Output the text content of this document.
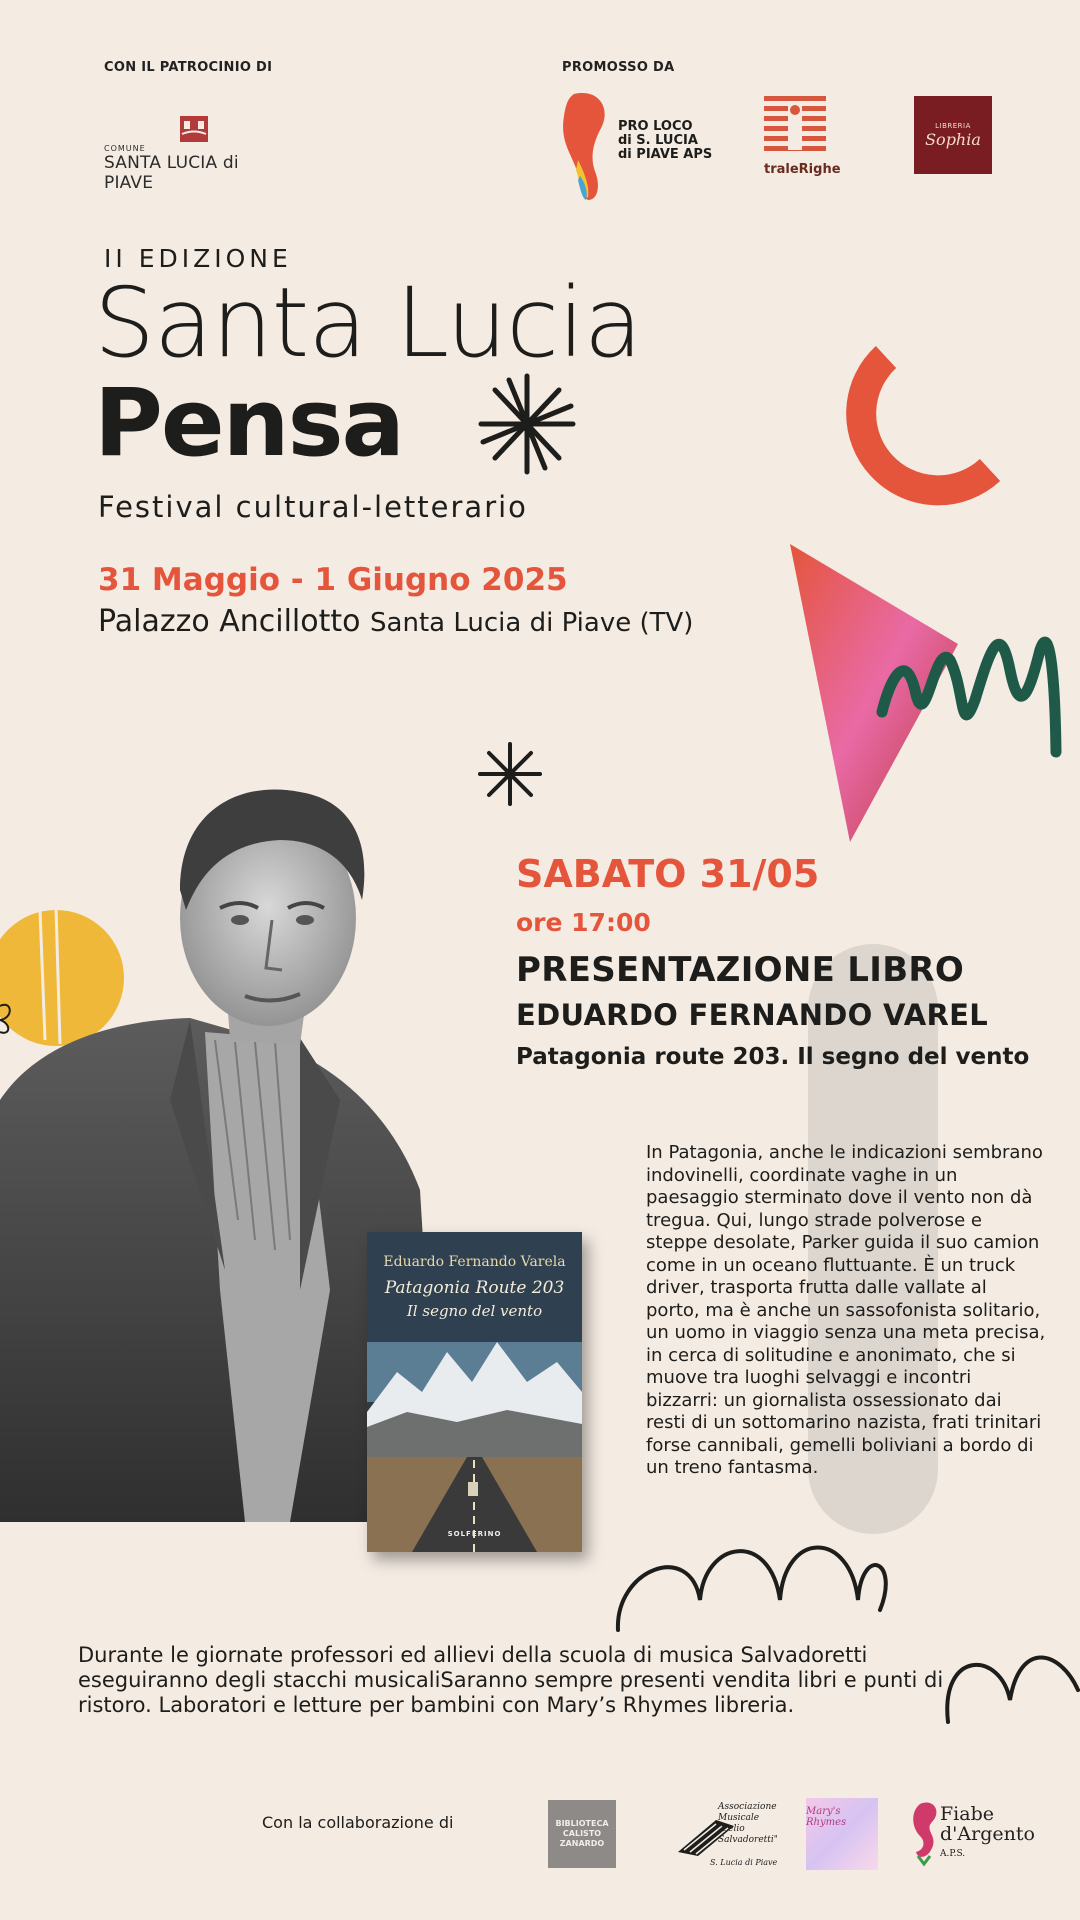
CON IL PATROCINIO DI	PROMOSSO DA
COMUNE
SANTA LUCIA di PIAVE
PRO LOCO
di S. LUCIA
di PIAVE APS
traleRighe
LIBRERIA
Sophia
II EDIZIONE
Santa Lucia
Pensa
Festival cultural-letterario
31 Maggio - 1 Giugno 2025
Palazzo Ancillotto Santa Lucia di Piave (TV)
Eduardo Fernando Varela
Patagonia Route 203
Il segno del vento
SOLFERINO
SABATO 31/05
ore 17:00
PRESENTAZIONE LIBRO
EDUARDO FERNANDO VAREL
Patagonia route 203. Il segno del vento
In Patagonia, anche le indicazioni sembrano indovinelli, coordinate vaghe in un paesaggio sterminato dove il vento non dà tregua. Qui, lungo strade polverose e steppe desolate, Parker guida il suo camion come in un oceano fluttuante. È un truck driver, trasporta frutta dalle vallate al porto, ma è anche un sassofonista solitario, un uomo in viaggio senza una meta precisa, in cerca di solitudine e anonimato, che si muove tra luoghi selvaggi e incontri bizzarri: un giornalista ossessionato dai resti di un sottomarino nazista, frati trinitari forse cannibali, gemelli boliviani a bordo di un treno fantasma.
Durante le giornate professori ed allievi della scuola di musica Salvadoretti eseguiranno degli stacchi musicaliSaranno sempre presenti vendita libri e punti di ristoro. Laboratori e letture per bambini con Mary’s Rhymes libreria.
Con la collaborazione di	BIBLIOTECA
CALISTO
ZANARDO
Associazione
Musicale
"Lelio Salvadoretti"
S. Lucia di Piave
Mary's Rhymes	Fiabe
d'Argento
A.P.S.
